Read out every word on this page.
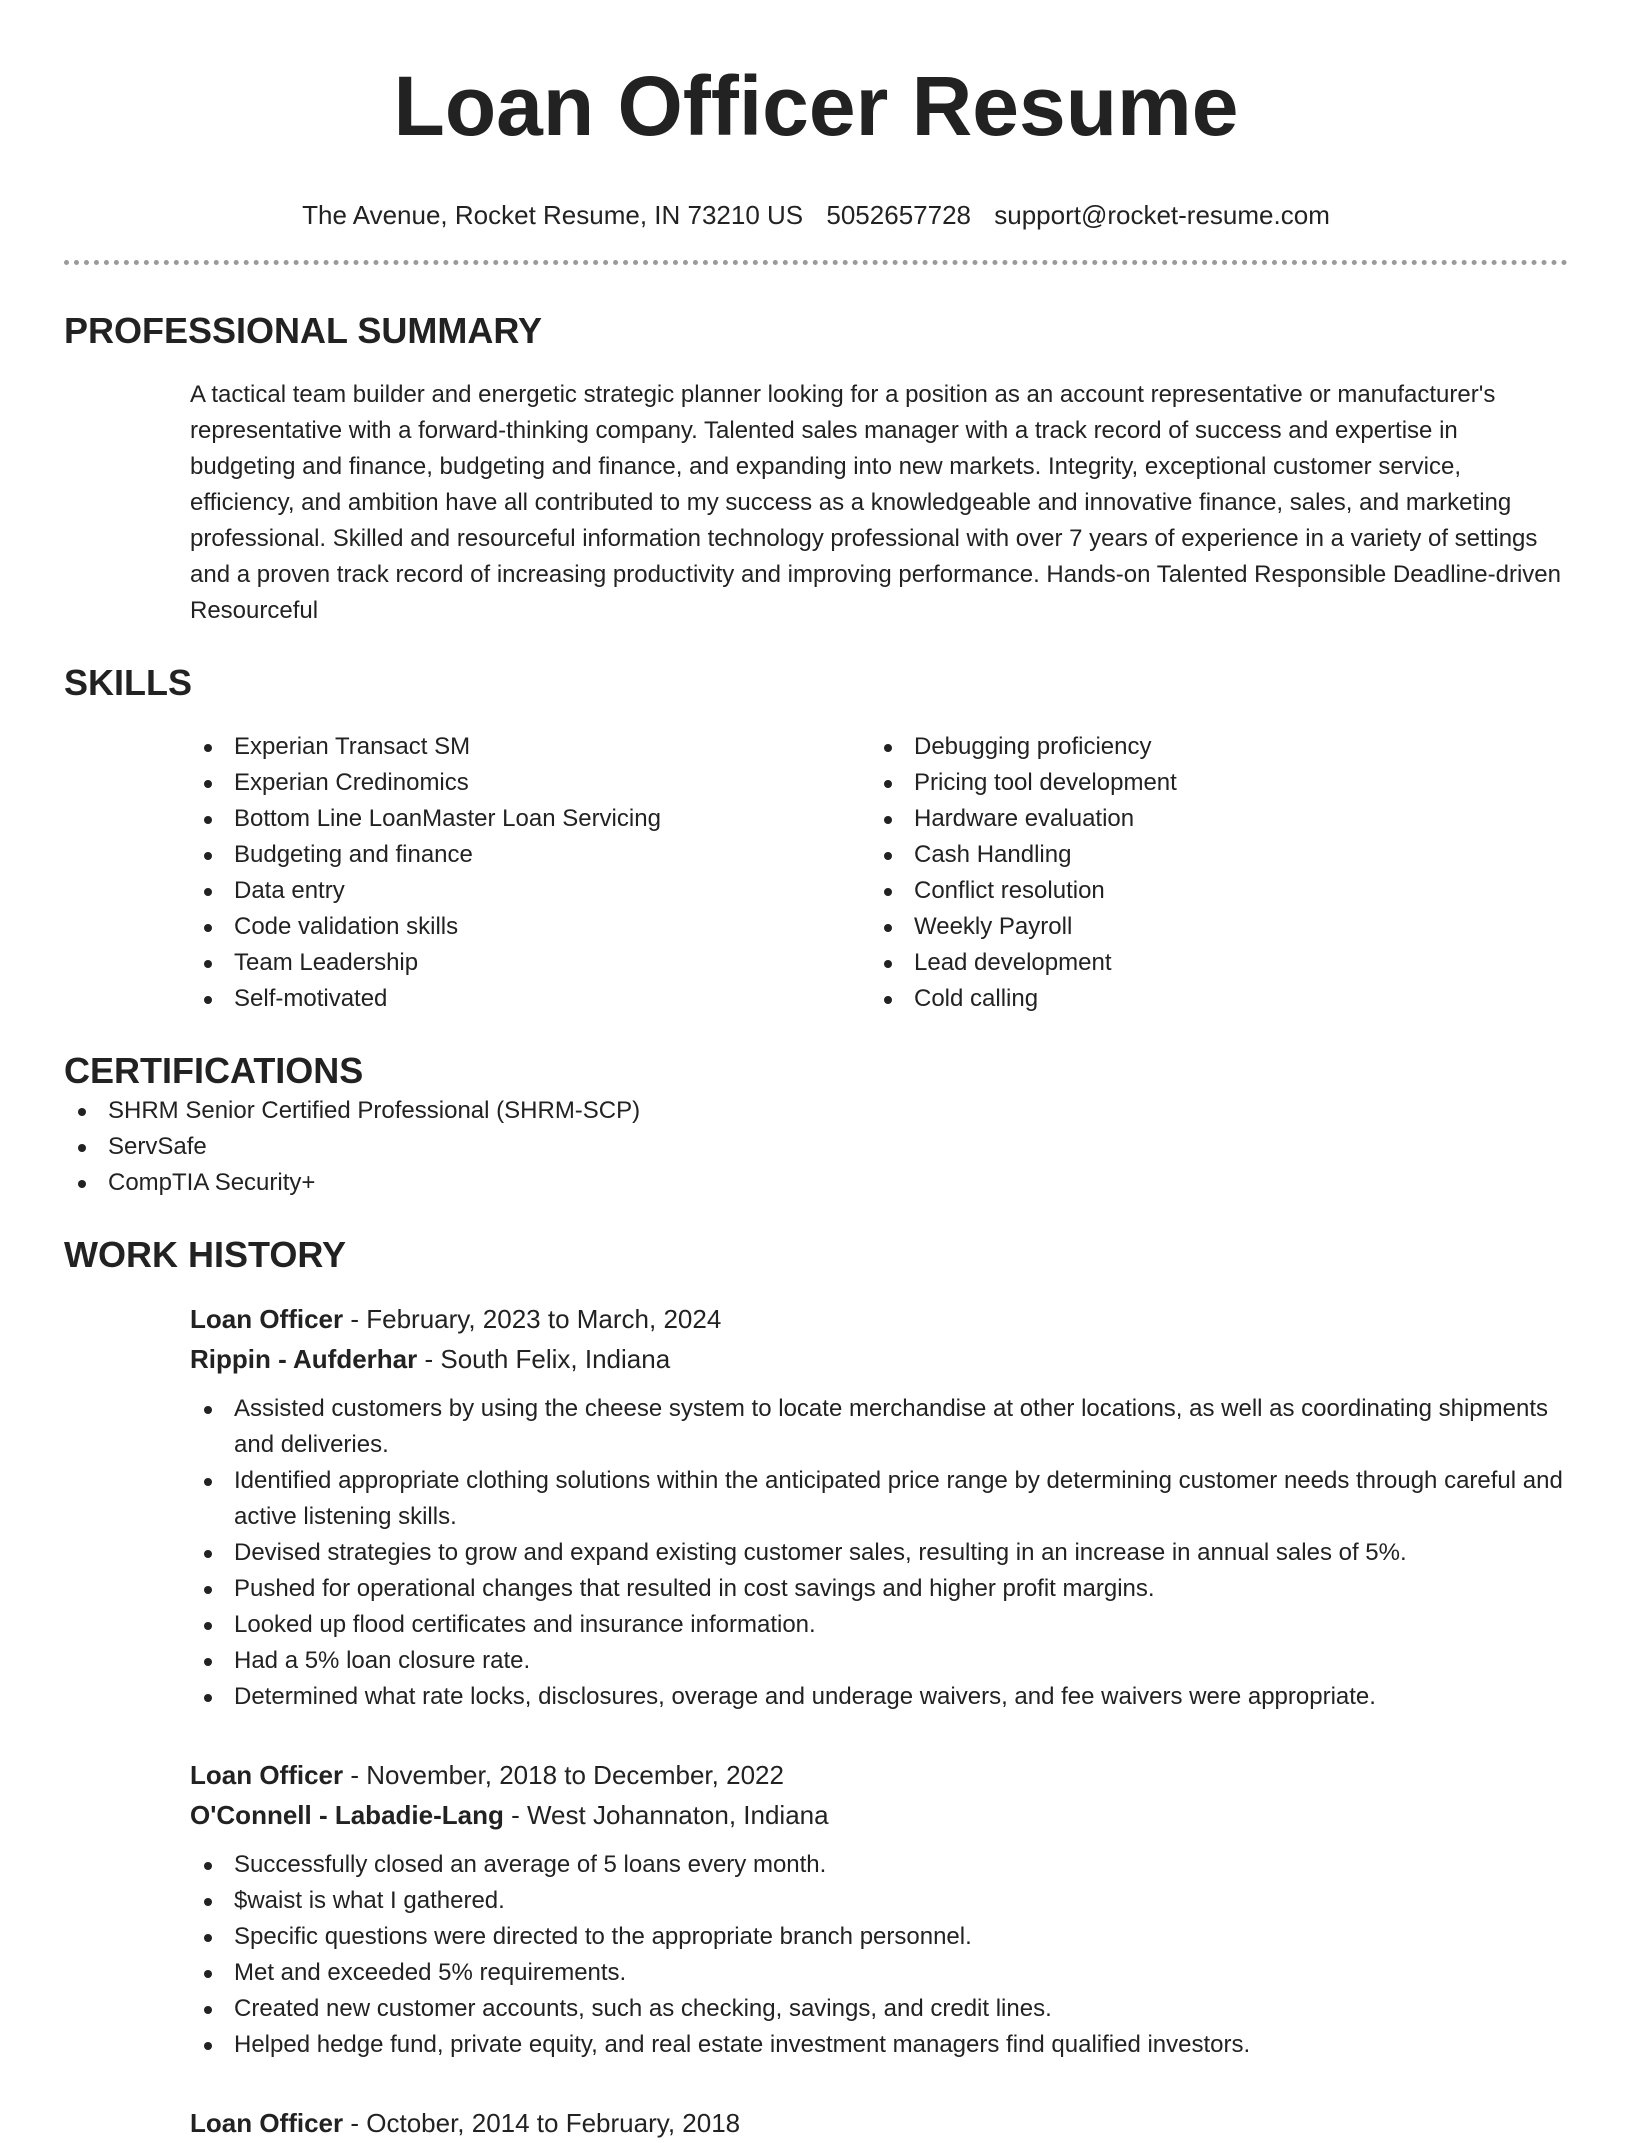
Loan Officer Resume
The Avenue, Rocket Resume, IN 73210 US 5052657728 support@rocket-resume.com
PROFESSIONAL SUMMARY
A tactical team builder and energetic strategic planner looking for a position as an account representative or manufacturer's representative with a forward-thinking company. Talented sales manager with a track record of success and expertise in budgeting and finance, budgeting and finance, and expanding into new markets. Integrity, exceptional customer service, efficiency, and ambition have all contributed to my success as a knowledgeable and innovative finance, sales, and marketing professional. Skilled and resourceful information technology professional with over 7 years of experience in a variety of settings and a proven track record of increasing productivity and improving performance. Hands-on Talented Responsible Deadline-driven Resourceful
SKILLS
Experian Transact SM
Experian Credinomics
Bottom Line LoanMaster Loan Servicing
Budgeting and finance
Data entry
Code validation skills
Team Leadership
Self-motivated
Debugging proficiency
Pricing tool development
Hardware evaluation
Cash Handling
Conflict resolution
Weekly Payroll
Lead development
Cold calling
CERTIFICATIONS
SHRM Senior Certified Professional (SHRM-SCP)
ServSafe
CompTIA Security+
WORK HISTORY
Loan Officer - February, 2023 to March, 2024
Rippin - Aufderhar - South Felix, Indiana
Assisted customers by using the cheese system to locate merchandise at other locations, as well as coordinating shipments and deliveries.
Identified appropriate clothing solutions within the anticipated price range by determining customer needs through careful and active listening skills.
Devised strategies to grow and expand existing customer sales, resulting in an increase in annual sales of 5%.
Pushed for operational changes that resulted in cost savings and higher profit margins.
Looked up flood certificates and insurance information.
Had a 5% loan closure rate.
Determined what rate locks, disclosures, overage and underage waivers, and fee waivers were appropriate.
Loan Officer - November, 2018 to December, 2022
O'Connell - Labadie-Lang - West Johannaton, Indiana
Successfully closed an average of 5 loans every month.
$waist is what I gathered.
Specific questions were directed to the appropriate branch personnel.
Met and exceeded 5% requirements.
Created new customer accounts, such as checking, savings, and credit lines.
Helped hedge fund, private equity, and real estate investment managers find qualified investors.
Loan Officer - October, 2014 to February, 2018
